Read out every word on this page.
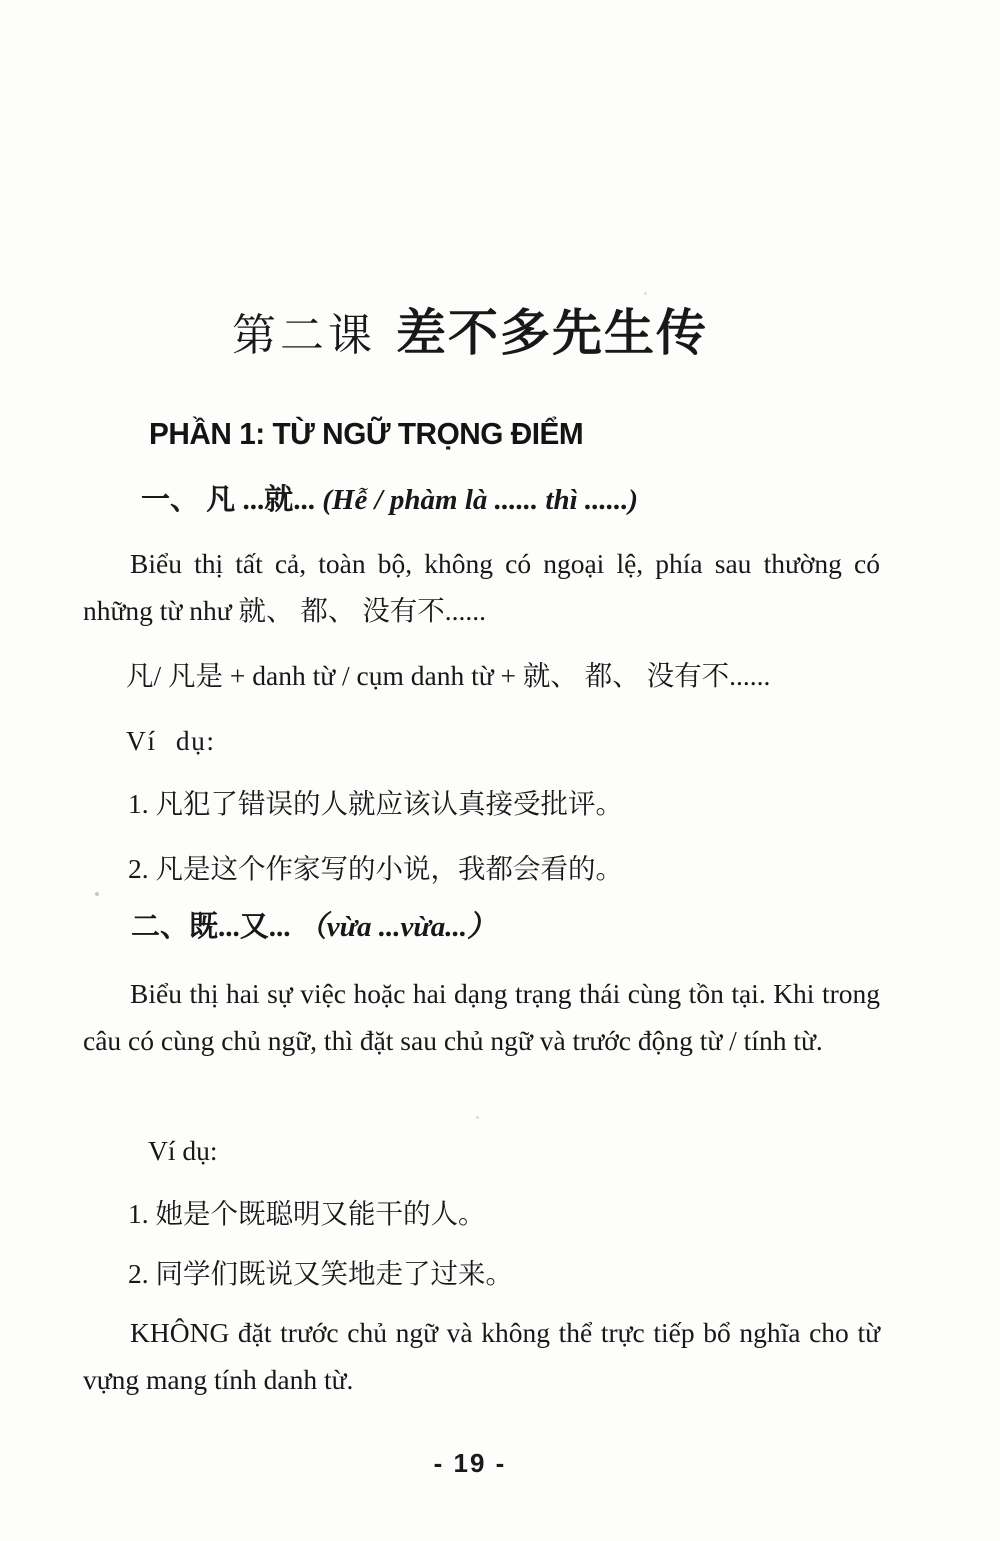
第二课 差不多先生传
PHẦN 1: TỪ NGỮ TRỌNG ĐIỂM
一、 凡 ...就... (Hễ / phàm là ...... thì ......)
Biểu thị tất cả, toàn bộ, không có ngoại lệ, phía sau thường có những từ như 就、 都、 没有不......
凡/ 凡是 + danh từ / cụm danh từ + 就、 都、 没有不......
Ví dụ:
1. 凡犯了错误的人就应该认真接受批评。
2. 凡是这个作家写的小说，我都会看的。
二、既...又... （vừa ...vừa...）
Biểu thị hai sự việc hoặc hai dạng trạng thái cùng tồn tại. Khi trong câu có cùng chủ ngữ, thì đặt sau chủ ngữ và trước động từ / tính từ.
Ví dụ:
1. 她是个既聪明又能干的人。
2. 同学们既说又笑地走了过来。
KHÔNG đặt trước chủ ngữ và không thể trực tiếp bổ nghĩa cho từ vựng mang tính danh từ.
- 19 -
